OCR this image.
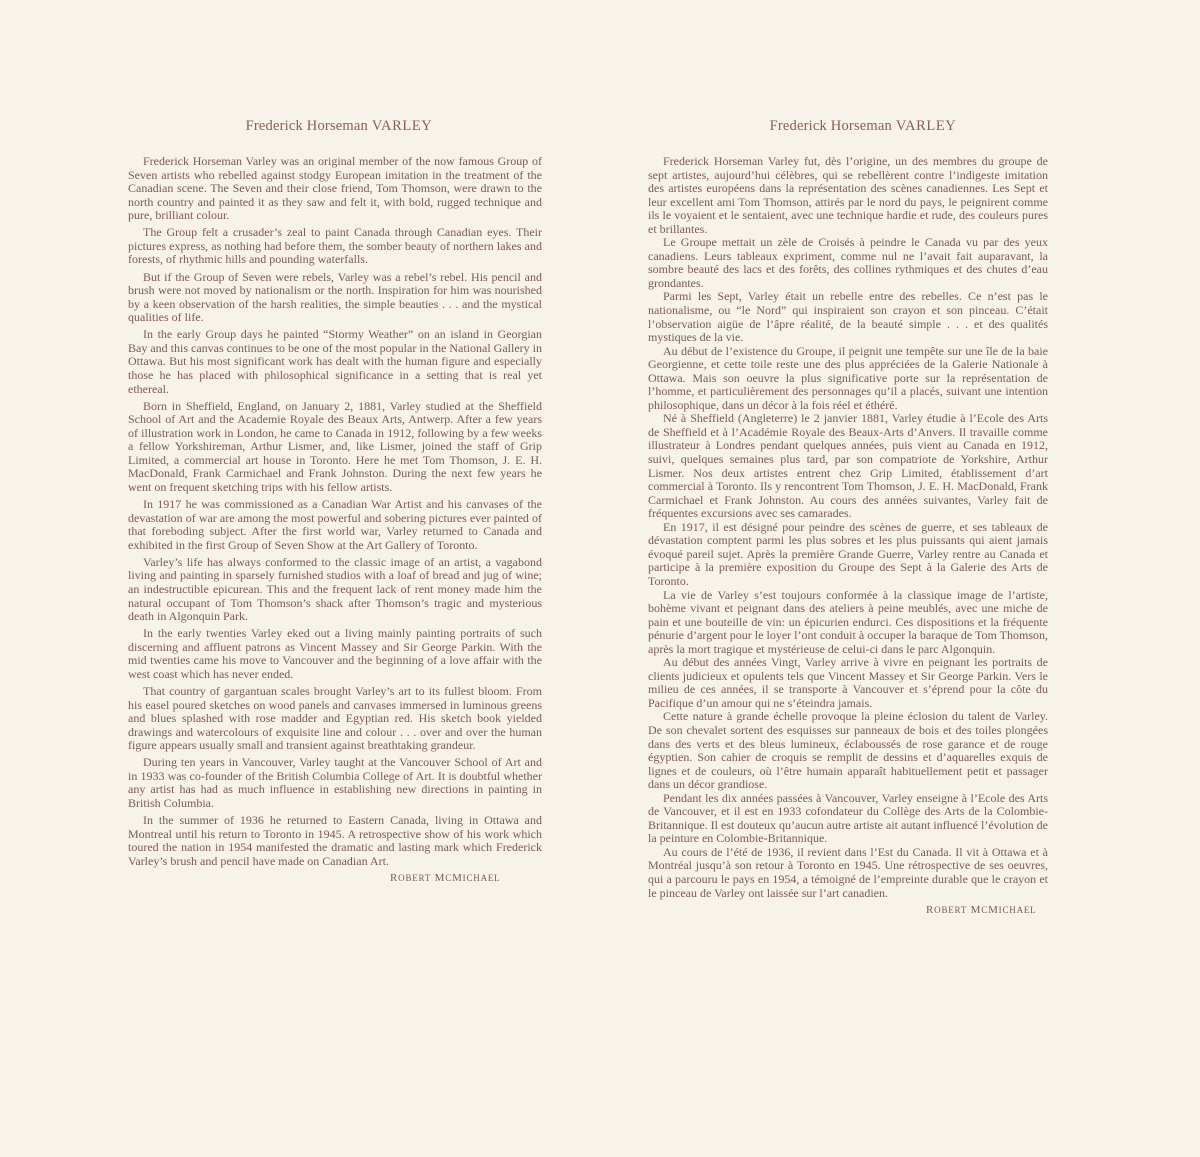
Frederick Horseman VARLEY

Frederick Horseman Varley was an original member of the now famous Group of Seven artists who rebelled against stodgy European imitation in the treatment of the Canadian scene. The Seven and their close friend, Tom Thomson, were drawn to the north country and painted it as they saw and felt it, with bold, rugged technique and pure, brilliant colour.

The Group felt a crusader’s zeal to paint Canada through Canadian eyes. Their pictures express, as nothing had before them, the somber beauty of northern lakes and forests, of rhythmic hills and pounding waterfalls.

But if the Group of Seven were rebels, Varley was a rebel’s rebel. His pencil and brush were not moved by nationalism or the north. Inspiration for him was nourished by a keen observation of the harsh realities, the simple beauties . . . and the mystical qualities of life.

In the early Group days he painted “Stormy Weather” on an island in Georgian Bay and this canvas continues to be one of the most popular in the National Gallery in Ottawa. But his most significant work has dealt with the human figure and especially those he has placed with philosophical significance in a setting that is real yet ethereal.

Born in Sheffield, England, on January 2, 1881, Varley studied at the Sheffield School of Art and the Academie Royale des Beaux Arts, Antwerp. After a few years of illustration work in London, he came to Canada in 1912, following by a few weeks a fellow Yorkshireman, Arthur Lismer, and, like Lismer, joined the staff of Grip Limited, a commercial art house in Toronto. Here he met Tom Thomson, J. E. H. MacDonald, Frank Carmichael and Frank Johnston. During the next few years he went on frequent sketching trips with his fellow artists.

In 1917 he was commissioned as a Canadian War Artist and his canvases of the devastation of war are among the most powerful and sobering pictures ever painted of that foreboding subject. After the first world war, Varley returned to Canada and exhibited in the first Group of Seven Show at the Art Gallery of Toronto.

Varley’s life has always conformed to the classic image of an artist, a vagabond living and painting in sparsely furnished studios with a loaf of bread and jug of wine; an indestructible epicurean. This and the frequent lack of rent money made him the natural occupant of Tom Thomson’s shack after Thomson’s tragic and mysterious death in Algonquin Park.

In the early twenties Varley eked out a living mainly painting portraits of such discerning and affluent patrons as Vincent Massey and Sir George Parkin. With the mid twenties came his move to Vancouver and the beginning of a love affair with the west coast which has never ended.

That country of gargantuan scales brought Varley’s art to its fullest bloom. From his easel poured sketches on wood panels and canvases immersed in luminous greens and blues splashed with rose madder and Egyptian red. His sketch book yielded drawings and watercolours of exquisite line and colour . . . over and over the human figure appears usually small and transient against breathtaking grandeur.

During ten years in Vancouver, Varley taught at the Vancouver School of Art and in 1933 was co-founder of the British Columbia College of Art. It is doubtful whether any artist has had as much influence in establishing new directions in painting in British Columbia.

In the summer of 1936 he returned to Eastern Canada, living in Ottawa and Montreal until his return to Toronto in 1945. A retrospective show of his work which toured the nation in 1954 manifested the dramatic and lasting mark which Frederick Varley’s brush and pencil have made on Canadian Art.

ROBERT MCMICHAEL
Frederick Horseman VARLEY

Frederick Horseman Varley fut, dès l’origine, un des membres du groupe de sept artistes, aujourd’hui célèbres, qui se rebellèrent contre l’indigeste imitation des artistes européens dans la représentation des scènes canadiennes. Les Sept et leur excellent ami Tom Thomson, attirés par le nord du pays, le peignirent comme ils le voyaient et le sentaient, avec une technique hardie et rude, des couleurs pures et brillantes.

Le Groupe mettait un zèle de Croisés à peindre le Canada vu par des yeux canadiens. Leurs tableaux expriment, comme nul ne l’avait fait auparavant, la sombre beauté des lacs et des forêts, des collines rythmiques et des chutes d’eau grondantes.

Parmi les Sept, Varley était un rebelle entre des rebelles. Ce n’est pas le nationalisme, ou “le Nord” qui inspiraient son crayon et son pinceau. C’était l’observation aigüe de l’âpre réalité, de la beauté simple . . . et des qualités mystiques de la vie.

Au début de l’existence du Groupe, il peignit une tempête sur une île de la baie Georgienne, et cette toile reste une des plus appréciées de la Galerie Nationale à Ottawa. Mais son oeuvre la plus significative porte sur la représentation de l’homme, et particulièrement des personnages qu’il a placés, suivant une intention philosophique, dans un décor à la fois réel et éthéré.

Né à Sheffield (Angleterre) le 2 janvier 1881, Varley étudie à l’Ecole des Arts de Sheffield et à l’Académie Royale des Beaux-Arts d’Anvers. Il travaille comme illustrateur à Londres pendant quelques années, puis vient au Canada en 1912, suivi, quelques semaines plus tard, par son compatriote de Yorkshire, Arthur Lismer. Nos deux artistes entrent chez Grip Limited, établissement d’art commercial à Toronto. Ils y rencontrent Tom Thomson, J. E. H. MacDonald, Frank Carmichael et Frank Johnston. Au cours des années suivantes, Varley fait de fréquentes excursions avec ses camarades.

En 1917, il est désigné pour peindre des scènes de guerre, et ses tableaux de dévastation comptent parmi les plus sobres et les plus puissants qui aient jamais évoqué pareil sujet. Après la première Grande Guerre, Varley rentre au Canada et participe à la première exposition du Groupe des Sept à la Galerie des Arts de Toronto.

La vie de Varley s’est toujours conformée à la classique image de l’artiste, bohème vivant et peignant dans des ateliers à peine meublés, avec une miche de pain et une bouteille de vin: un épicurien endurci. Ces dispositions et la fréquente pénurie d’argent pour le loyer l’ont conduit à occuper la baraque de Tom Thomson, après la mort tragique et mystérieuse de celui-ci dans le parc Algonquin.

Au début des années Vingt, Varley arrive à vivre en peignant les portraits de clients judicieux et opulents tels que Vincent Massey et Sir George Parkin. Vers le milieu de ces années, il se transporte à Vancouver et s’éprend pour la côte du Pacifique d’un amour qui ne s’éteindra jamais.

Cette nature à grande échelle provoque la pleine éclosion du talent de Varley. De son chevalet sortent des esquisses sur panneaux de bois et des toiles plongées dans des verts et des bleus lumineux, éclaboussés de rose garance et de rouge égyptien. Son cahier de croquis se remplit de dessins et d’aquarelles exquis de lignes et de couleurs, où l’être humain apparaît habituellement petit et passager dans un décor grandiose.

Pendant les dix années passées à Vancouver, Varley enseigne à l’Ecole des Arts de Vancouver, et il est en 1933 cofondateur du Collège des Arts de la Colombie-Britannique. Il est douteux qu’aucun autre artiste ait autant influencé l’évolution de la peinture en Colombie-Britannique.

Au cours de l’été de 1936, il revient dans l’Est du Canada. Il vit à Ottawa et à Montréal jusqu’à son retour à Toronto en 1945. Une rétrospective de ses oeuvres, qui a parcouru le pays en 1954, a témoigné de l’empreinte durable que le crayon et le pinceau de Varley ont laissée sur l’art canadien.

ROBERT MCMICHAEL
